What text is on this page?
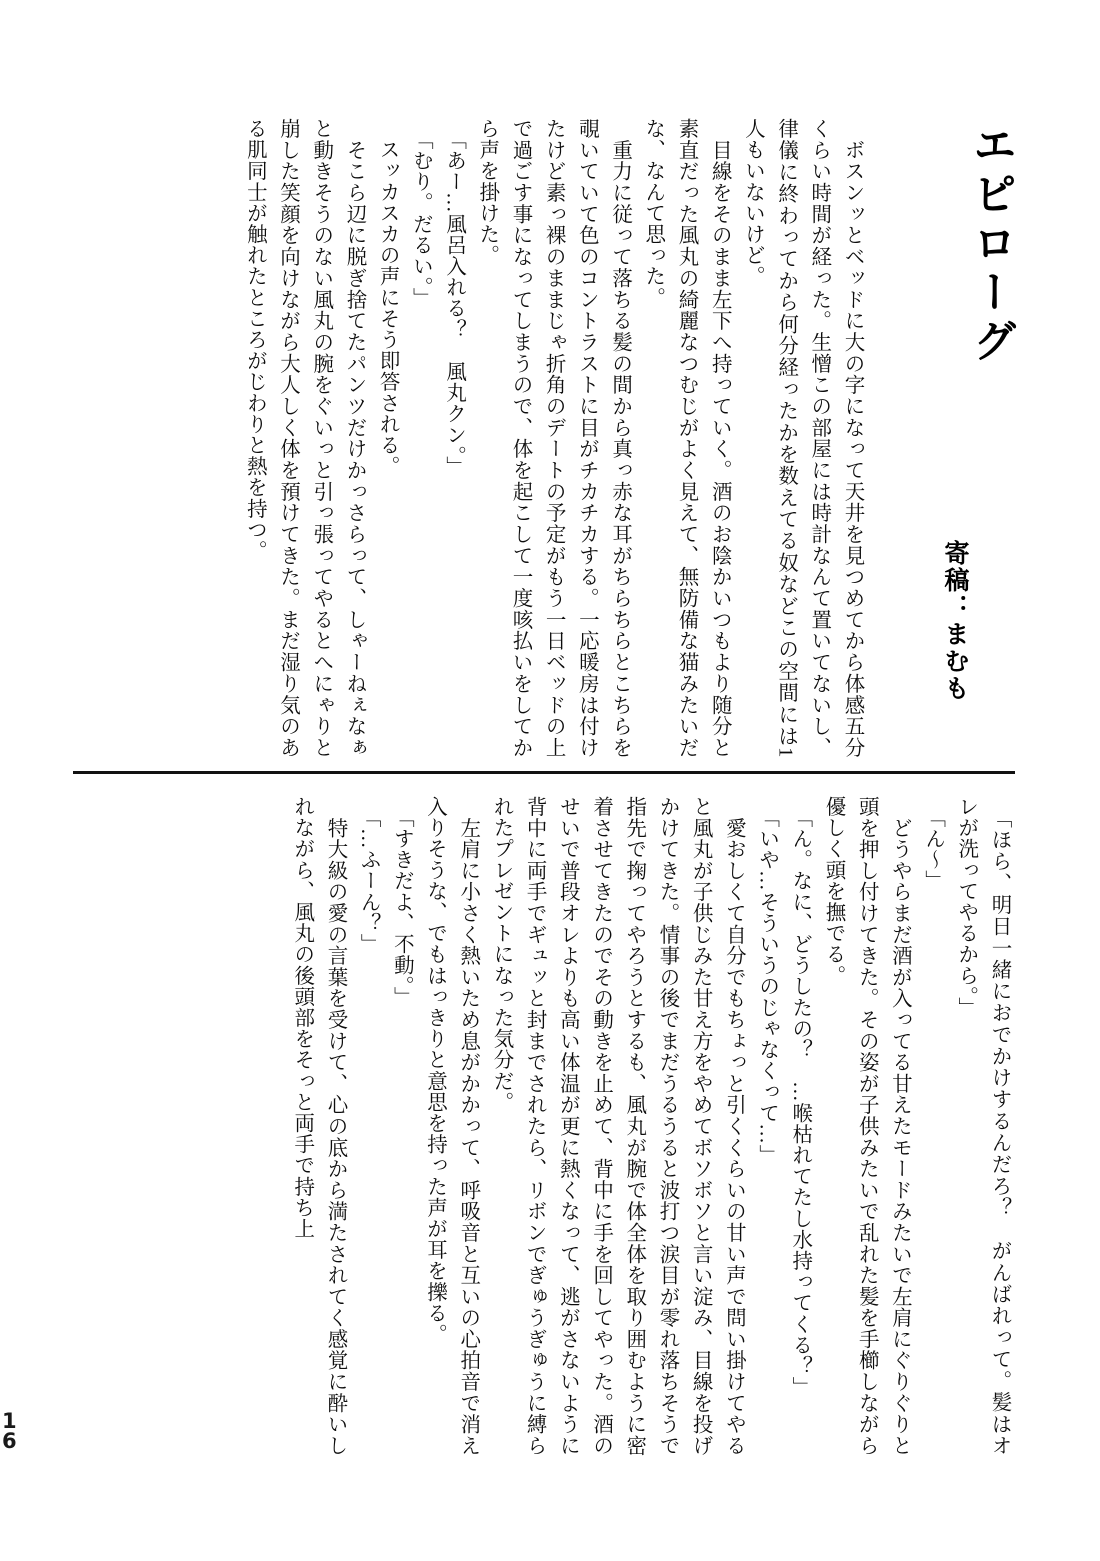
エピローグ
寄稿：まむも
　ボスンッとベッドに大の字になって天井を見つめてから体感五分くらい時間が経った。生憎この部屋には時計なんて置いてないし、律儀に終わってから何分経ったかを数えてる奴などこの空間には1人もいないけど。
　目線をそのまま左下へ持っていく。酒のお陰かいつもより随分と素直だった風丸の綺麗なつむじがよく見えて、無防備な猫みたいだな、なんて思った。
　重力に従って落ちる髪の間から真っ赤な耳がちらちらとこちらを覗いていて色のコントラストに目がチカチカする。一応暖房は付けたけど素っ裸のままじゃ折角のデートの予定がもう一日ベッドの上で過ごす事になってしまうので、体を起こして一度咳払いをしてから声を掛けた。
　「あー…風呂入れる？　風丸クン。」
　「むり。だるい。」
　スッカスカの声にそう即答される。
　そこら辺に脱ぎ捨てたパンツだけかっさらって、しゃーねぇなぁと動きそうのない風丸の腕をぐいっと引っ張ってやるとへにゃりと崩した笑顔を向けながら大人しく体を預けてきた。まだ湿り気のある肌同士が触れたところがじわりと熱を持つ。
　「ほら、明日一緒におでかけするんだろ？　がんばれって。髪はオレが洗ってやるから。」
　「ん〜」
　どうやらまだ酒が入ってる甘えたモードみたいで左肩にぐりぐりと頭を押し付けてきた。その姿が子供みたいで乱れた髪を手櫛しながら優しく頭を撫でる。
　「ん。なに、どうしたの？　…喉枯れてたし水持ってくる？」
　「いや…そういうのじゃなくって…」
　愛おしくて自分でもちょっと引くくらいの甘い声で問い掛けてやると風丸が子供じみた甘え方をやめてボソボソと言い淀み、目線を投げかけてきた。情事の後でまだうるうると波打つ涙目が零れ落ちそうで指先で掬ってやろうとするも、風丸が腕で体全体を取り囲むように密着させてきたのでその動きを止めて、背中に手を回してやった。酒のせいで普段オレよりも高い体温が更に熱くなって、逃がさないように背中に両手でギュッと封までされたら、リボンでぎゅうぎゅうに縛られたプレゼントになった気分だ。
　左肩に小さく熱いため息がかかって、呼吸音と互いの心拍音で消え入りそうな、でもはっきりと意思を持った声が耳を擽る。
　「すきだよ、不動。」
　「…ふーん？」
　特大級の愛の言葉を受けて、心の底から満たされてく感覚に酔いしれながら、風丸の後頭部をそっと両手で持ち上
1
6
